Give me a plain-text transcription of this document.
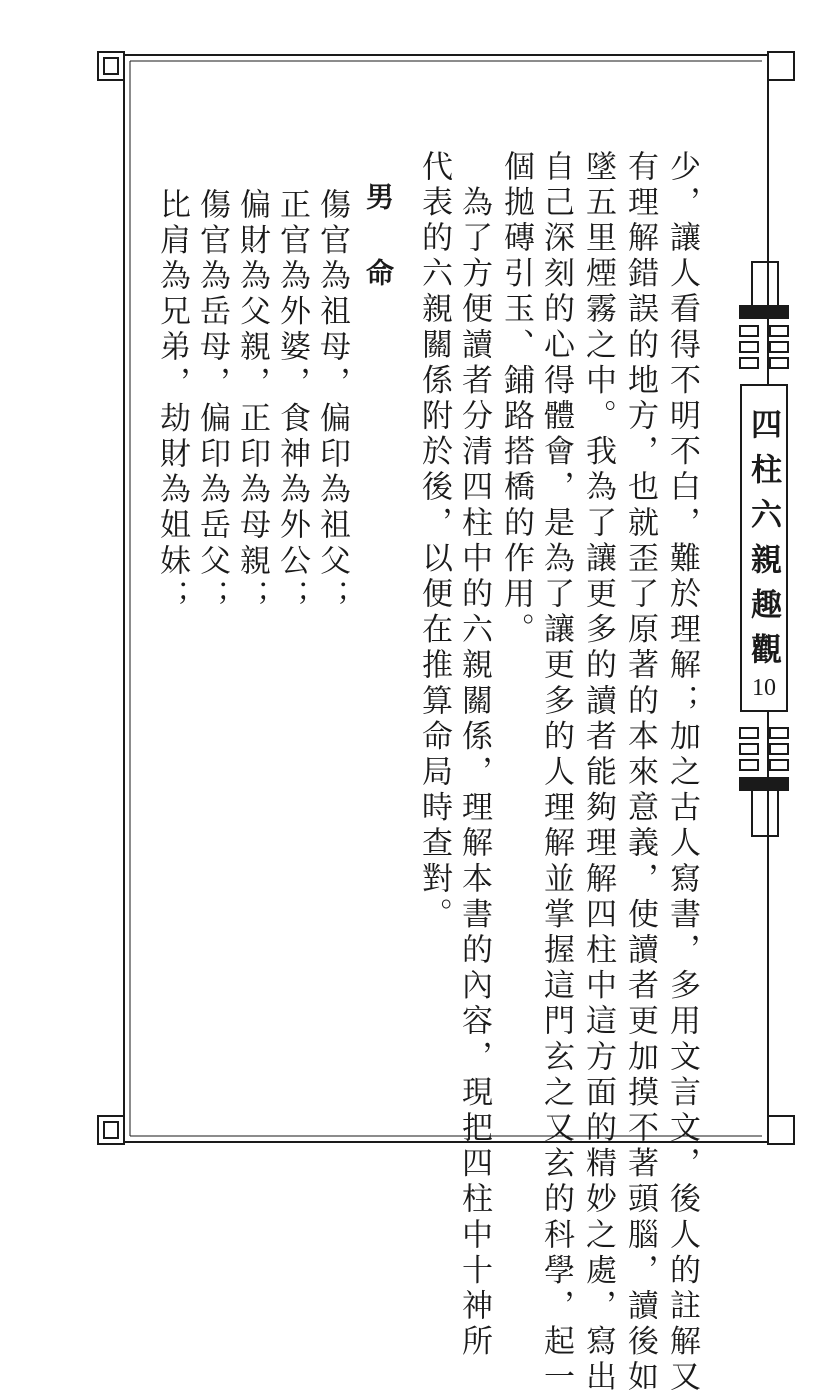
四柱六親趣觀
10
少，讓人看得不明不白，難於理解；加之古人寫書，多用文言文，後人的註解又
有理解錯誤的地方，也就歪了原著的本來意義，使讀者更加摸不著頭腦，讀後如
墜五里煙霧之中。我為了讓更多的讀者能夠理解四柱中這方面的精妙之處，寫出
自己深刻的心得體會，是為了讓更多的人理解並掌握這門玄之又玄的科學，起一
個拋磚引玉、鋪路搭橋的作用。
　為了方便讀者分清四柱中的六親關係，理解本書的內容，現把四柱中十神所
代表的六親關係附於後，以便在推算命局時查對。
男　命
傷官為祖母，偏印為祖父；
正官為外婆，食神為外公；
偏財為父親，正印為母親；
傷官為岳母，偏印為岳父；
比肩為兄弟，劫財為姐妹；
